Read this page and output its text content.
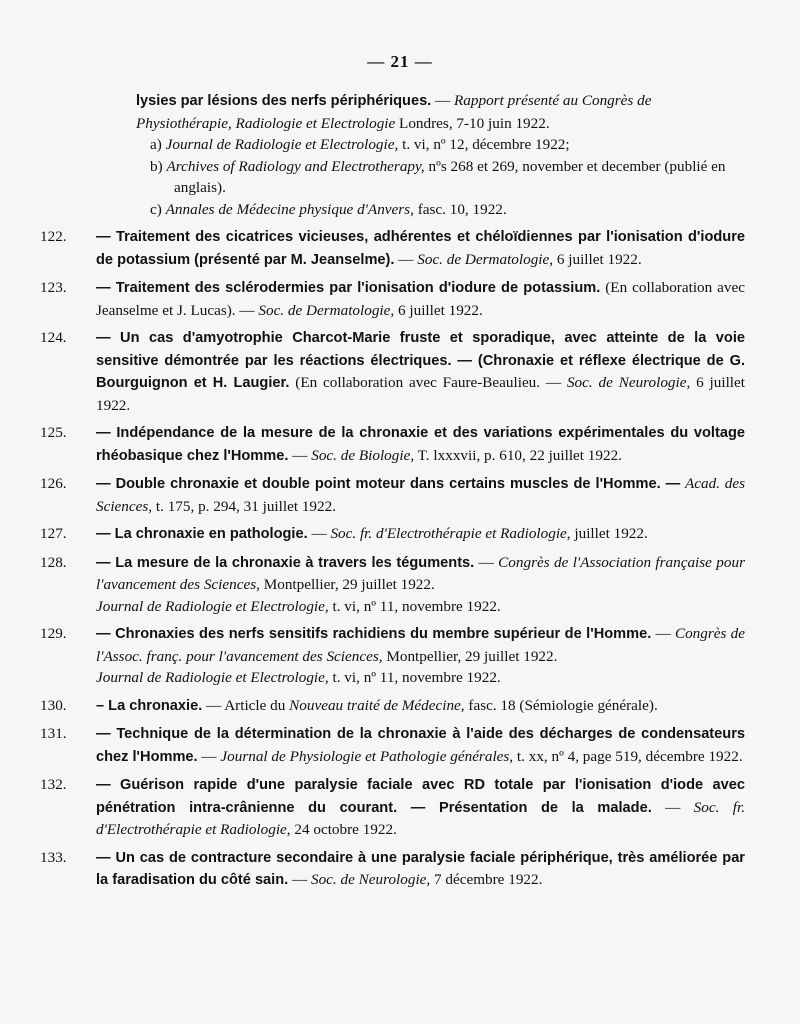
— 21 —

lysies par lésions des nerfs périphériques. — Rapport présenté au Congrès de Physiothérapie, Radiologie et Electrologie Londres, 7-10 juin 1922.

a) Journal de Radiologie et Electrologie, t. vi, nº 12, décembre 1922;
b) Archives of Radiology and Electrotherapy, nºs 268 et 269, november et december (publié en anglais).
c) Annales de Médecine physique d'Anvers, fasc. 10, 1922.
122.	— Traitement des cicatrices vicieuses, adhérentes et chéloïdiennes par l'ionisation d'iodure de potassium (présenté par M. Jeanselme). — Soc. de Dermatologie, 6 juillet 1922.
123.	— Traitement des sclérodermies par l'ionisation d'iodure de potassium. (En collaboration avec Jeanselme et J. Lucas). — Soc. de Dermatologie, 6 juillet 1922.
124.	— Un cas d'amyotrophie Charcot-Marie fruste et sporadique, avec atteinte de la voie sensitive démontrée par les réactions électriques. — (Chronaxie et réflexe électrique de G. Bourguignon et H. Laugier. (En collaboration avec Faure-Beaulieu. — Soc. de Neurologie, 6 juillet 1922.
125.	— Indépendance de la mesure de la chronaxie et des variations expérimentales du voltage rhéobasique chez l'Homme. — Soc. de Biologie, T. lxxxvii, p. 610, 22 juillet 1922.
126.	— Double chronaxie et double point moteur dans certains muscles de l'Homme. — Acad. des Sciences, t. 175, p. 294, 31 juillet 1922.
127.	— La chronaxie en pathologie. — Soc. fr. d'Electrothérapie et Radiologie, juillet 1922.
128.	— La mesure de la chronaxie à travers les téguments. — Congrès de l'Association française pour l'avancement des Sciences, Montpellier, 29 juillet 1922.
Journal de Radiologie et Electrologie, t. vi, nº 11, novembre 1922.
129.	— Chronaxies des nerfs sensitifs rachidiens du membre supérieur de l'Homme. — Congrès de l'Assoc. franç. pour l'avancement des Sciences, Montpellier, 29 juillet 1922.
Journal de Radiologie et Electrologie, t. vi, nº 11, novembre 1922.
130.	– La chronaxie. — Article du Nouveau traité de Médecine, fasc. 18 (Sémiologie générale).
131.	— Technique de la détermination de la chronaxie à l'aide des décharges de condensateurs chez l'Homme. — Journal de Physiologie et Pathologie générales, t. xx, nº 4, page 519, décembre 1922.
132.	— Guérison rapide d'une paralysie faciale avec RD totale par l'ionisation d'iode avec pénétration intra-crânienne du courant. — Présentation de la malade. — Soc. fr. d'Electrothérapie et Radiologie, 24 octobre 1922.
133.	— Un cas de contracture secondaire à une paralysie faciale périphérique, très améliorée par la faradisation du côté sain. — Soc. de Neurologie, 7 décembre 1922.
